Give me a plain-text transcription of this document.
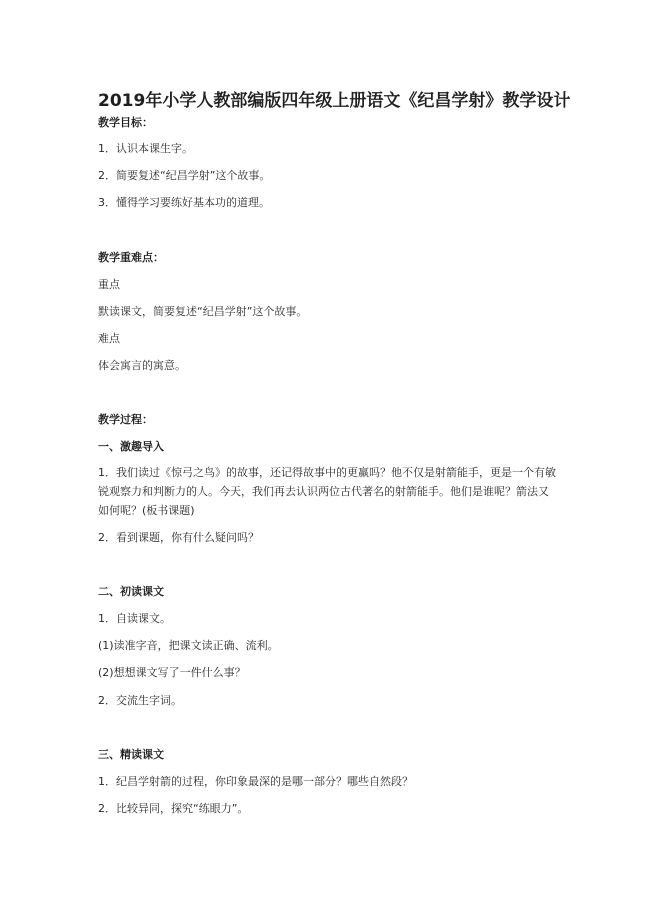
2019年小学人教部编版四年级上册语文《纪昌学射》教学设计
教学目标：
1．认识本课生字。
2．简要复述“纪昌学射”这个故事。
3．懂得学习要练好基本功的道理。
教学重难点：
重点
默读课文，简要复述“纪昌学射”这个故事。
难点
体会寓言的寓意。
教学过程：
一、激趣导入
1．我们读过《惊弓之鸟》的故事，还记得故事中的更羸吗？他不仅是射箭能手，更是一个有敏锐观察力和判断力的人。今天，我们再去认识两位古代著名的射箭能手。他们是谁呢？箭法又如何呢？(板书课题)
2．看到课题，你有什么疑问吗？
二、初读课文
1．自读课文。
(1)读准字音，把课文读正确、流利。
(2)想想课文写了一件什么事？
2．交流生字词。
三、精读课文
1．纪昌学射箭的过程，你印象最深的是哪一部分？哪些自然段？
2．比较异同，探究“练眼力”。
